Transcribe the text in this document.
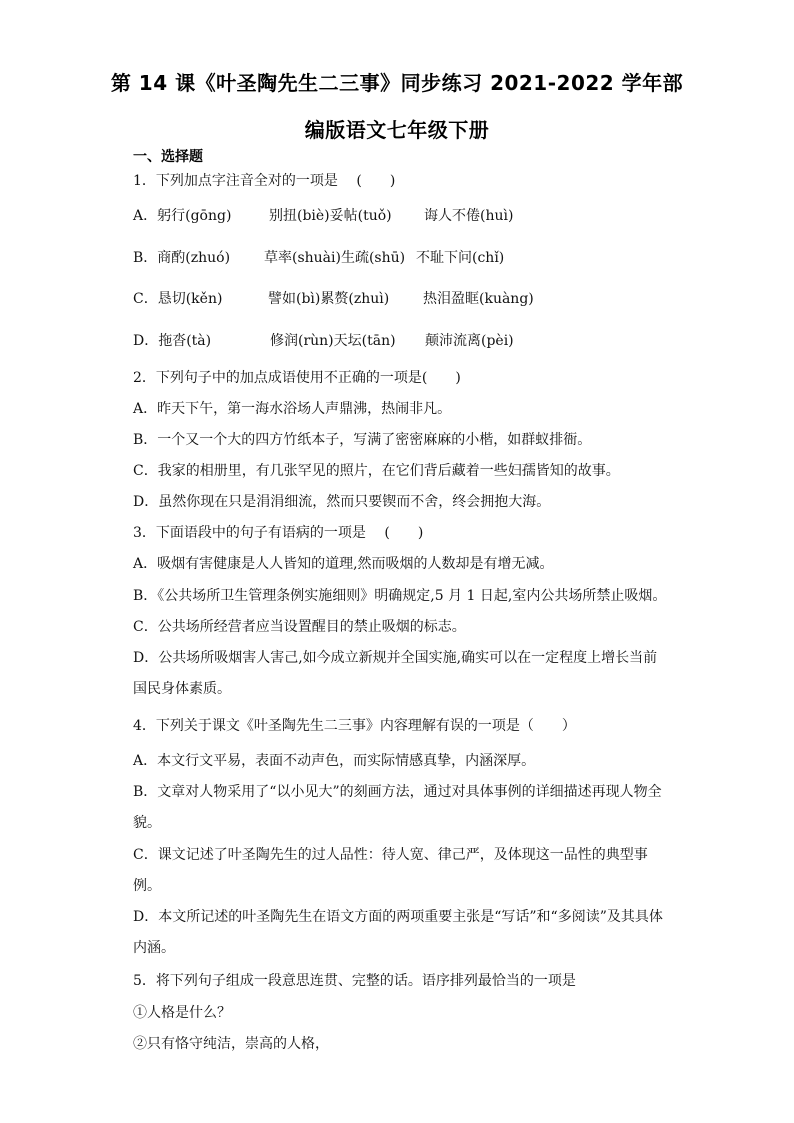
第 14 课《叶圣陶先生二三事》同步练习 2021-2022 学年部
编版语文七年级下册
一、选择题
1．下列加点字注音全对的一项是　 (　　)
A．躬行(gōng)	别扭(biè)妥帖(tuǒ) 诲人不倦(huì)
B．商酌(zhuó) 草率(shuài)生疏(shū) 不耻下问(chǐ)
C．恳切(kěn)	譬如(bì)累赘(zhuì) 热泪盈眶(kuàng)
D．拖沓(tà)	修润(rùn)天坛(tān) 颠沛流离(pèi)
2．下列句子中的加点成语使用不正确的一项是(　　)
A．昨天下午，第一海水浴场人声鼎沸，热闹非凡。
B．一个又一个大的四方竹纸本子，写满了密密麻麻的小楷，如群蚁排衙。
C．我家的相册里，有几张罕见的照片，在它们背后藏着一些妇孺皆知的故事。
D．虽然你现在只是涓涓细流，然而只要锲而不舍，终会拥抱大海。
3．下面语段中的句子有语病的一项是　 (　　)
A．吸烟有害健康是人人皆知的道理,然而吸烟的人数却是有增无减。
B．《公共场所卫生管理条例实施细则》明确规定,5 月 1 日起,室内公共场所禁止吸烟。
C．公共场所经营者应当设置醒目的禁止吸烟的标志。
D．公共场所吸烟害人害己,如今成立新规并全国实施,确实可以在一定程度上增长当前
国民身体素质。
4．下列关于课文《叶圣陶先生二三事》内容理解有误的一项是（　　）
A．本文行文平易，表面不动声色，而实际情感真挚，内涵深厚。
B．文章对人物采用了“以小见大”的刻画方法，通过对具体事例的详细描述再现人物全
貌。
C．课文记述了叶圣陶先生的过人品性：待人宽、律己严，及体现这一品性的典型事
例。
D．本文所记述的叶圣陶先生在语文方面的两项重要主张是“写话”和“多阅读”及其具体
内涵。
5．将下列句子组成一段意思连贯、完整的话。语序排列最恰当的一项是
①人格是什么？
②只有恪守纯洁，崇高的人格，
